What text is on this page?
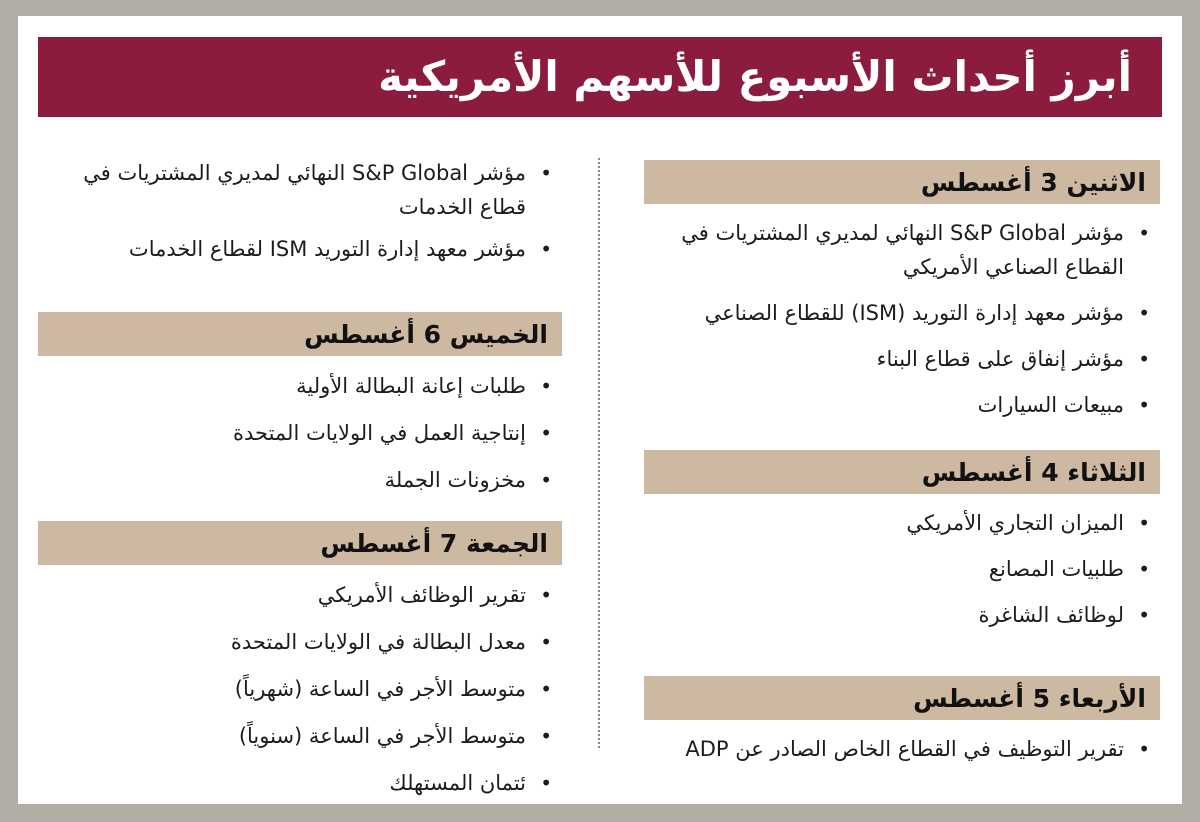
أبرز أحداث الأسبوع للأسهم الأمريكية
الاثنين 3 أغسطس
• مؤشر S&P Global النهائي لمديري المشتريات في القطاع الصناعي الأمريكي
• مؤشر معهد إدارة التوريد (ISM) للقطاع الصناعي
• مؤشر إنفاق على قطاع البناء
• مبيعات السيارات
الثلاثاء 4 أغسطس
• الميزان التجاري الأمريكي
• طلبيات المصانع
• لوظائف الشاغرة
الأربعاء 5 أغسطس
• تقرير التوظيف في القطاع الخاص الصادر عن ADP
• مؤشر S&P Global النهائي لمديري المشتريات في قطاع الخدمات
• مؤشر معهد إدارة التوريد ISM لقطاع الخدمات
الخميس 6 أغسطس
• طلبات إعانة البطالة الأولية
• إنتاجية العمل في الولايات المتحدة
• مخزونات الجملة
الجمعة 7 أغسطس
• تقرير الوظائف الأمريكي
• معدل البطالة في الولايات المتحدة
• متوسط الأجر في الساعة (شهرياً)
• متوسط الأجر في الساعة (سنوياً)
• ئتمان المستهلك
